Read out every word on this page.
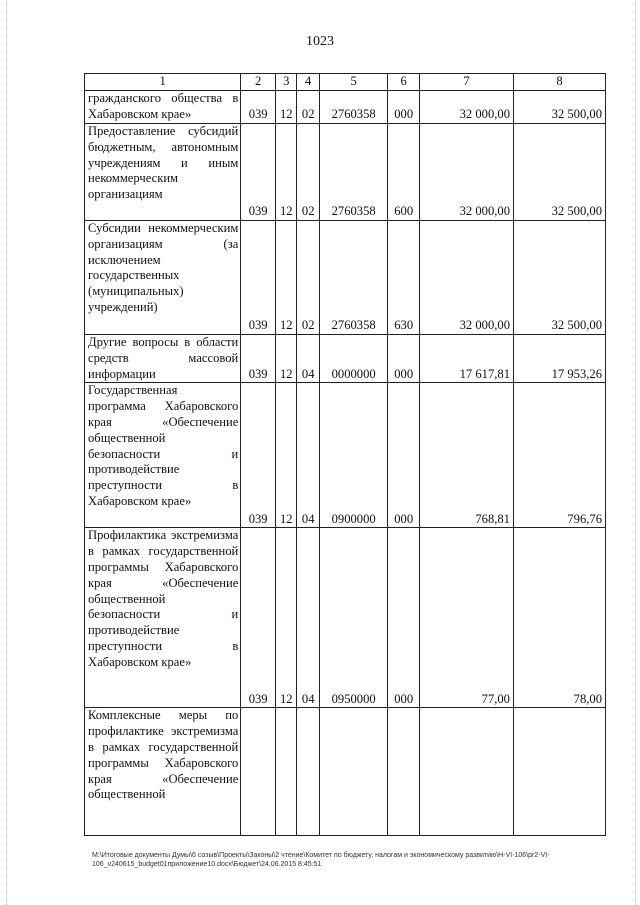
1023
1	2	3	4	5	6	7	8
гражданского общества в Хабаровском крае»	039	12	02	2760358	000	32 000,00	32 500,00
Предоставление субсидий бюджетным, автономным учреждениям и иным некоммерческим организациям	039	12	02	2760358	600	32 000,00	32 500,00
Субсидии некоммерческим организациям (за исключением государственных (муниципальных) учреждений)	039	12	02	2760358	630	32 000,00	32 500,00
Другие вопросы в области средств массовой информации	039	12	04	0000000	000	17 617,81	17 953,26
Государственная программа Хабаровского края «Обеспечение общественной безопасности и противодействие преступности в Хабаровском крае»	039	12	04	0900000	000	768,81	796,76
Профилактика экстремизма в рамках государственной программы Хабаровского края «Обеспечение общественной безопасности и противодействие преступности в Хабаровском крае»	039	12	04	0950000	000	77,00	78,00
Комплексные меры по профилактике экстремизма в рамках государственной программы Хабаровского края «Обеспечение общественной							
M:\Итоговые документы Думы\6 созыв\Проекты\Законы\2 чтение\Комитет по бюджету, налогам и экономическому развитию\Н-VI-106\pr2-VI-106_v240615_budget01приложение10.docx\Бюджет\24.06.2015 8:45:51
